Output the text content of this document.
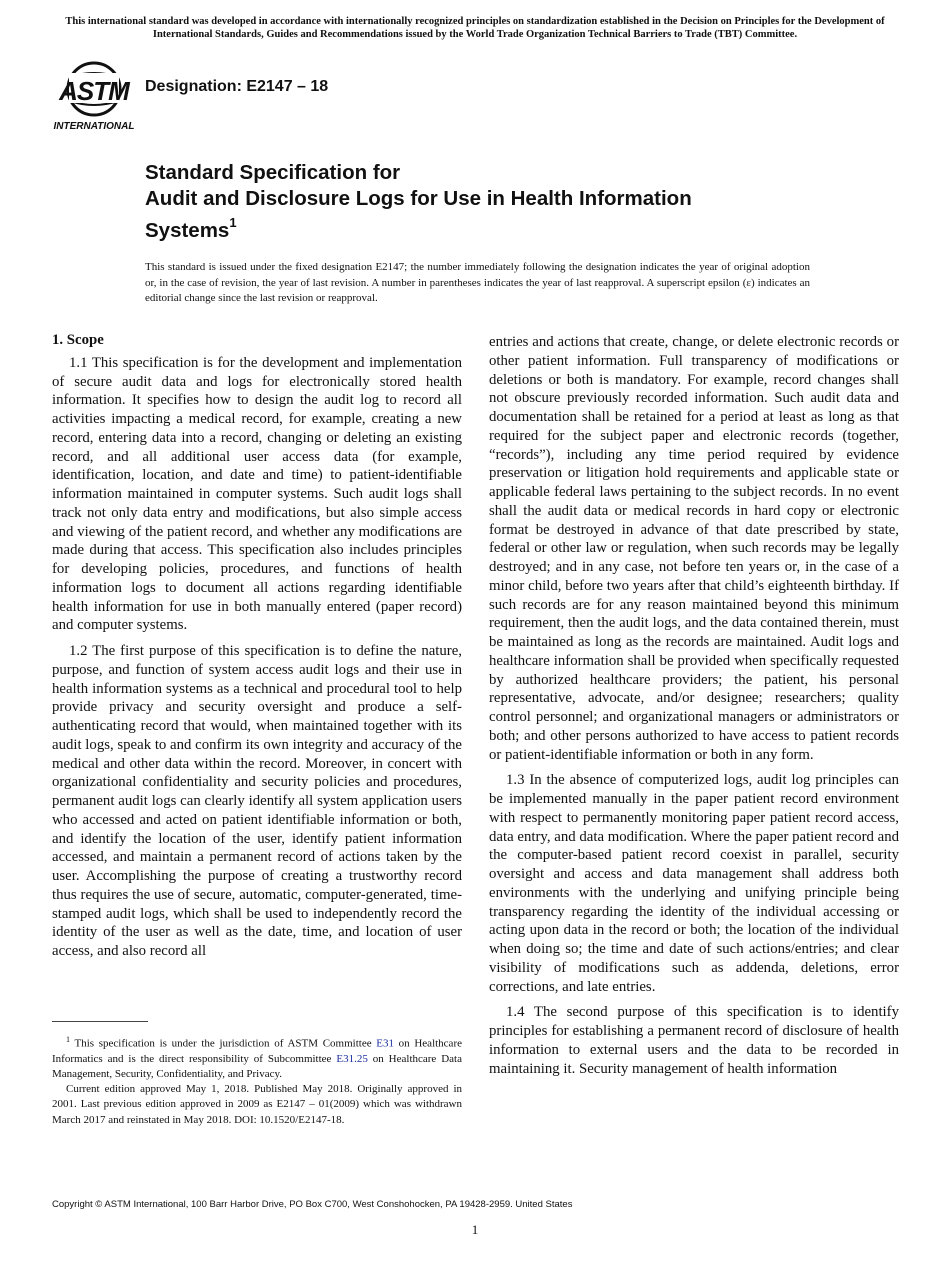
This international standard was developed in accordance with internationally recognized principles on standardization established in the Decision on Principles for the Development of International Standards, Guides and Recommendations issued by the World Trade Organization Technical Barriers to Trade (TBT) Committee.
ASTM
INTERNATIONAL
Designation: E2147 – 18
Standard Specification for
Audit and Disclosure Logs for Use in Health Information
Systems$^1$
This standard is issued under the fixed designation E2147; the number immediately following the designation indicates the year of original adoption or, in the case of revision, the year of last revision. A number in parentheses indicates the year of last reapproval. A superscript epsilon (ε) indicates an editorial change since the last revision or reapproval.
1. Scope

1.1 This specification is for the development and implementation of secure audit data and logs for electronically stored health information. It specifies how to design the audit log to record all activities impacting a medical record, for example, creating a new record, entering data into a record, changing or deleting an existing record, and all additional user access data (for example, identification, location, and date and time) to patient-identifiable information maintained in computer systems. Such audit logs shall track not only data entry and modifications, but also simple access and viewing of the patient record, and whether any modifications are made during that access. This specification also includes principles for developing policies, procedures, and functions of health information logs to document all actions regarding identifiable health information for use in both manually entered (paper record) and computer systems.

1.2 The first purpose of this specification is to define the nature, purpose, and function of system access audit logs and their use in health information systems as a technical and procedural tool to help provide privacy and security oversight and produce a self-authenticating record that would, when maintained together with its audit logs, speak to and confirm its own integrity and accuracy of the medical and other data within the record. Moreover, in concert with organizational confidentiality and security policies and procedures, permanent audit logs can clearly identify all system application users who accessed and acted on patient identifiable information or both, and identify the location of the user, identify patient information accessed, and maintain a permanent record of actions taken by the user. Accomplishing the purpose of creating a trustworthy record thus requires the use of secure, automatic, computer-generated, time-stamped audit logs, which shall be used to independently record the identity of the user as well as the date, time, and location of user access, and also record all

entries and actions that create, change, or delete electronic records or other patient information. Full transparency of modifications or deletions or both is mandatory. For example, record changes shall not obscure previously recorded information. Such audit data and documentation shall be retained for a period at least as long as that required for the subject paper and electronic records (together, “records”), including any time period required by evidence preservation or litigation hold requirements and applicable state or applicable federal laws pertaining to the subject records. In no event shall the audit data or medical records in hard copy or electronic format be destroyed in advance of that date prescribed by state, federal or other law or regulation, when such records may be legally destroyed; and in any case, not before ten years or, in the case of a minor child, before two years after that child’s eighteenth birthday. If such records are for any reason maintained beyond this minimum requirement, then the audit logs, and the data contained therein, must be maintained as long as the records are maintained. Audit logs and healthcare information shall be provided when specifically requested by authorized healthcare providers; the patient, his personal representative, advocate, and/or designee; researchers; quality control personnel; and organizational managers or administrators or both; and other persons authorized to have access to patient records or patient-identifiable information or both in any form.

1.3 In the absence of computerized logs, audit log principles can be implemented manually in the paper patient record environment with respect to permanently monitoring paper patient record access, data entry, and data modification. Where the paper patient record and the computer-based patient record coexist in parallel, security oversight and access and data management shall address both environments with the underlying and unifying principle being transparency regarding the identity of the individual accessing or acting upon data in the record or both; the location of the individual when doing so; the time and date of such actions/entries; and clear visibility of modifications such as addenda, deletions, error corrections, and late entries.

1.4 The second purpose of this specification is to identify principles for establishing a permanent record of disclosure of health information to external users and the data to be recorded in maintaining it. Security management of health information

$^1$ This specification is under the jurisdiction of ASTM Committee E31 on Healthcare Informatics and is the direct responsibility of Subcommittee E31.25 on Healthcare Data Management, Security, Confidentiality, and Privacy.

Current edition approved May 1, 2018. Published May 2018. Originally approved in 2001. Last previous edition approved in 2009 as E2147 – 01(2009) which was withdrawn March 2017 and reinstated in May 2018. DOI: 10.1520/E2147-18.

Copyright © ASTM International, 100 Barr Harbor Drive, PO Box C700, West Conshohocken, PA 19428-2959. United States
1
